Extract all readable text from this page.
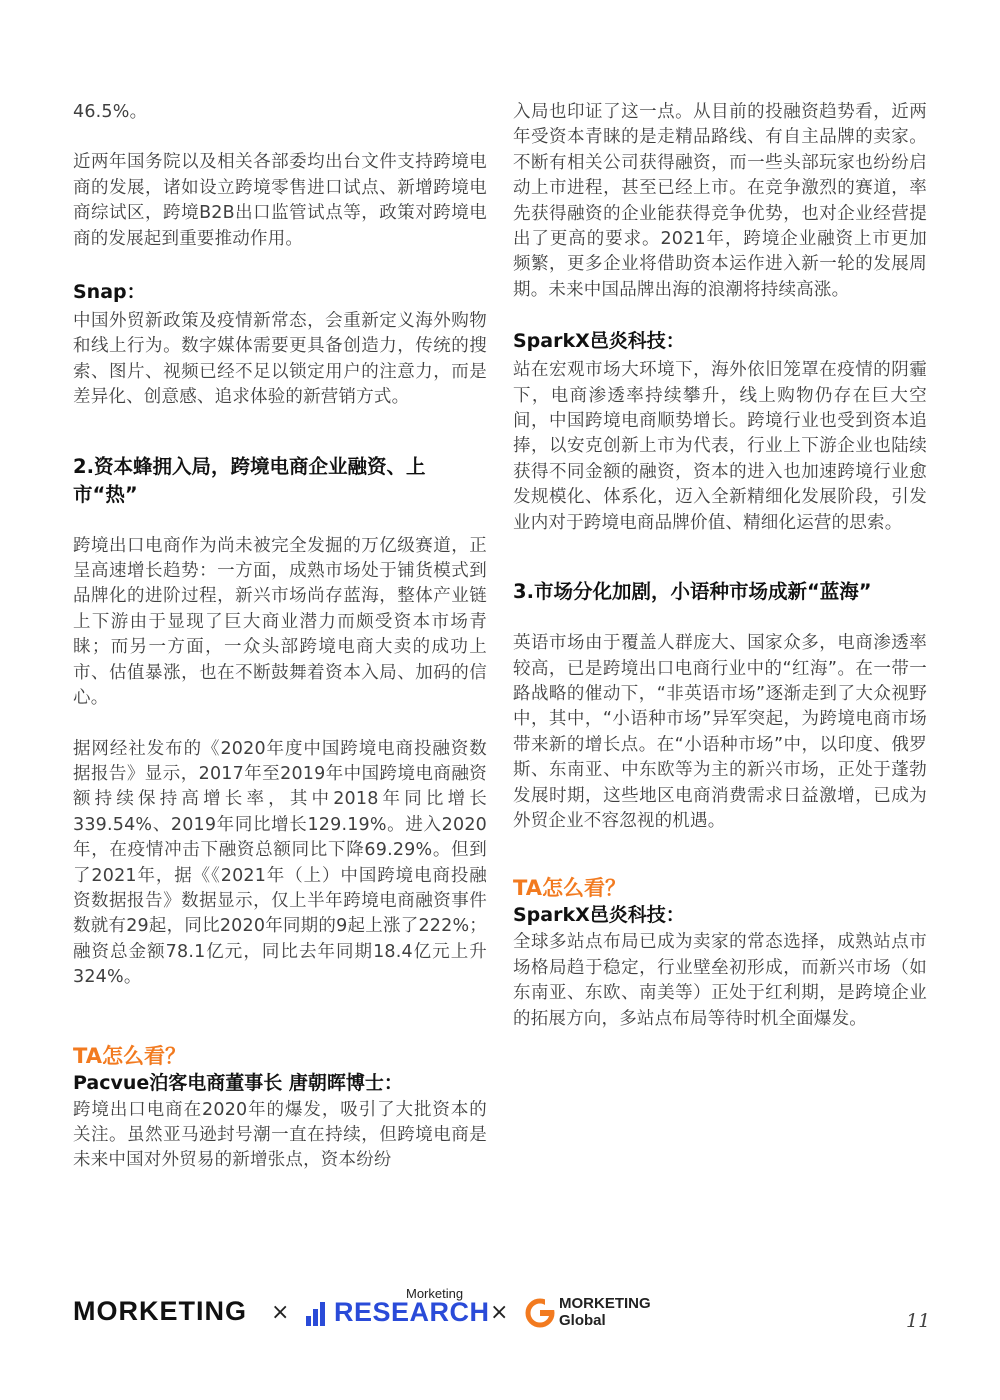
46.5%。

近两年国务院以及相关各部委均出台文件支持跨境电商的发展，诸如设立跨境零售进口试点、新增跨境电商综试区，跨境B2B出口监管试点等，政策对跨境电商的发展起到重要推动作用。

Snap：

中国外贸新政策及疫情新常态，会重新定义海外购物和线上行为。数字媒体需要更具备创造力，传统的搜索、图片、视频已经不足以锁定用户的注意力，而是差异化、创意感、追求体验的新营销方式。

2.资本蜂拥入局，跨境电商企业融资、上市“热”

跨境出口电商作为尚未被完全发掘的万亿级赛道，正呈高速增长趋势：一方面，成熟市场处于铺货模式到品牌化的进阶过程，新兴市场尚存蓝海，整体产业链上下游由于显现了巨大商业潜力而颇受资本市场青睐；而另一方面，一众头部跨境电商大卖的成功上市、估值暴涨，也在不断鼓舞着资本入局、加码的信心。

据网经社发布的《2020年度中国跨境电商投融资数据报告》显示，2017年至2019年中国跨境电商融资额持续保持高增长率，其中2018年同比增长339.54%、2019年同比增长129.19%。进入2020年，在疫情冲击下融资总额同比下降69.29%。但到了2021年，据《《2021年（上）中国跨境电商投融资数据报告》数据显示，仅上半年跨境电商融资事件数就有29起，同比2020年同期的9起上涨了222%；融资总金额78.1亿元，同比去年同期18.4亿元上升324%。

TA怎么看？
Pacvue泊客电商董事长 唐朝晖博士：

跨境出口电商在2020年的爆发，吸引了大批资本的关注。虽然亚马逊封号潮一直在持续，但跨境电商是未来中国对外贸易的新增张点，资本纷纷

入局也印证了这一点。从目前的投融资趋势看，近两年受资本青睐的是走精品路线、有自主品牌的卖家。不断有相关公司获得融资，而一些头部玩家也纷纷启动上市进程，甚至已经上市。在竞争激烈的赛道，率先获得融资的企业能获得竞争优势，也对企业经营提出了更高的要求。2021年，跨境企业融资上市更加频繁，更多企业将借助资本运作进入新一轮的发展周期。未来中国品牌出海的浪潮将持续高涨。

SparkX邑炎科技：

站在宏观市场大环境下，海外依旧笼罩在疫情的阴霾下，电商渗透率持续攀升，线上购物仍存在巨大空间，中国跨境电商顺势增长。跨境行业也受到资本追捧，以安克创新上市为代表，行业上下游企业也陆续获得不同金额的融资，资本的进入也加速跨境行业愈发规模化、体系化，迈入全新精细化发展阶段，引发业内对于跨境电商品牌价值、精细化运营的思索。

3.市场分化加剧，小语种市场成新“蓝海”

英语市场由于覆盖人群庞大、国家众多，电商渗透率较高，已是跨境出口电商行业中的“红海”。在一带一路战略的催动下，“非英语市场”逐渐走到了大众视野中，其中，“小语种市场”异军突起，为跨境电商市场带来新的增长点。在“小语种市场”中，以印度、俄罗斯、东南亚、中东欧等为主的新兴市场，正处于蓬勃发展时期，这些地区电商消费需求日益激增，已成为外贸企业不容忽视的机遇。

TA怎么看？
SparkX邑炎科技：

全球多站点布局已成为卖家的常态选择，成熟站点市场格局趋于稳定，行业壁垒初形成，而新兴市场（如东南亚、东欧、南美等）正处于红利期，是跨境企业的拓展方向，多站点布局等待时机全面爆发。

MORKETING ×
Morketing
RESEARCH ×	MORKETING
Global	11
